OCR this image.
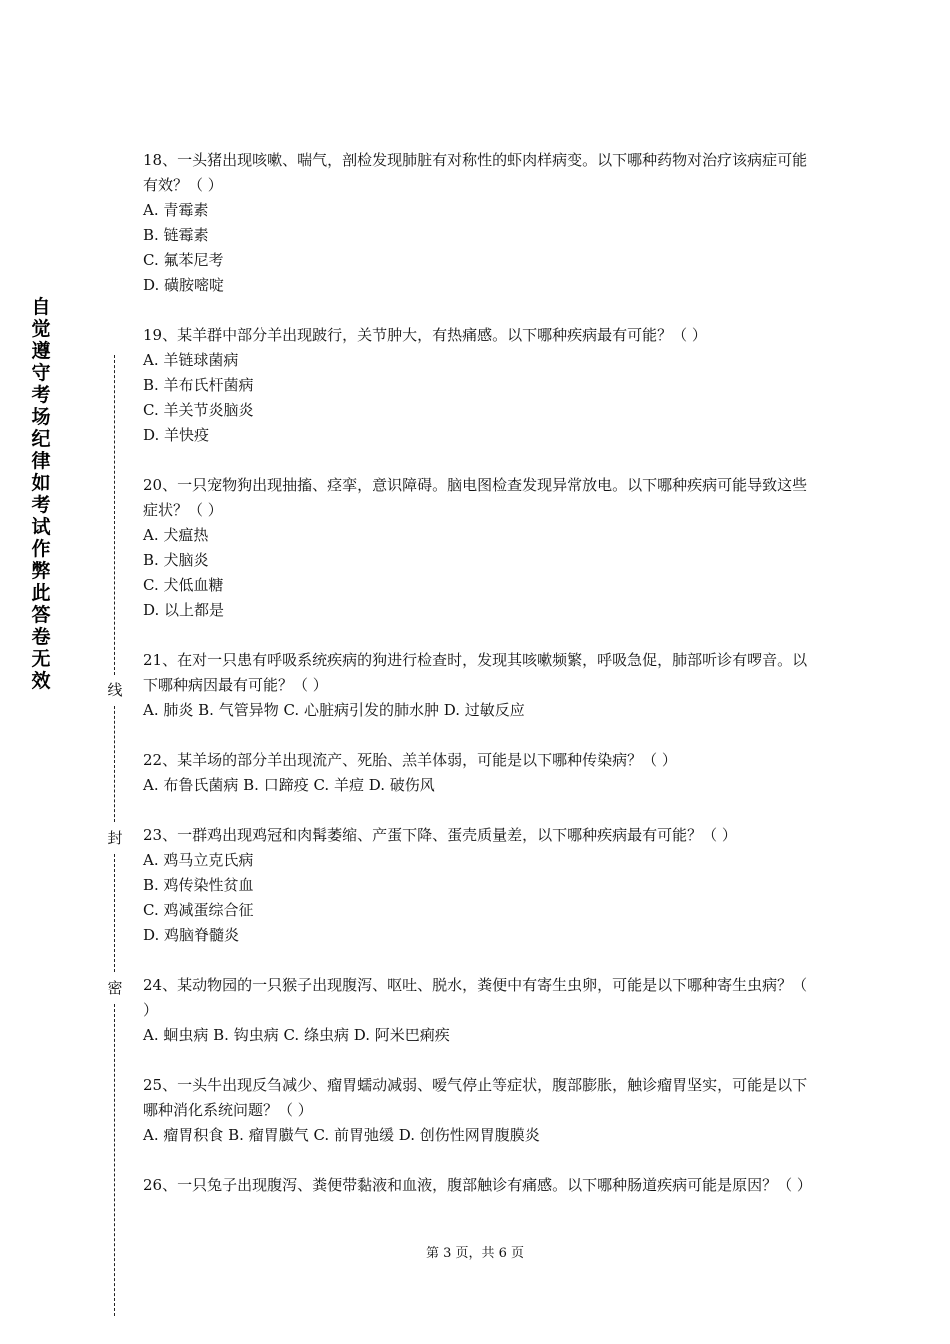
自觉遵守考场纪律如考试作弊此答卷无效	线
封
密

18、一头猪出现咳嗽、喘气，剖检发现肺脏有对称性的虾肉样病变。以下哪种药物对治疗该病症可能有效？（ ）

A. 青霉素

B. 链霉素

C. 氟苯尼考

D. 磺胺嘧啶

19、某羊群中部分羊出现跛行，关节肿大，有热痛感。以下哪种疾病最有可能？（ ）

A. 羊链球菌病

B. 羊布氏杆菌病

C. 羊关节炎脑炎

D. 羊快疫

20、一只宠物狗出现抽搐、痉挛，意识障碍。脑电图检查发现异常放电。以下哪种疾病可能导致这些症状？（ ）

A. 犬瘟热

B. 犬脑炎

C. 犬低血糖

D. 以上都是

21、在对一只患有呼吸系统疾病的狗进行检查时，发现其咳嗽频繁，呼吸急促，肺部听诊有啰音。以下哪种病因最有可能？（ ）

A. 肺炎 B. 气管异物 C. 心脏病引发的肺水肿 D. 过敏反应

22、某羊场的部分羊出现流产、死胎、羔羊体弱，可能是以下哪种传染病？（ ）

A. 布鲁氏菌病 B. 口蹄疫 C. 羊痘 D. 破伤风

23、一群鸡出现鸡冠和肉髯萎缩、产蛋下降、蛋壳质量差，以下哪种疾病最有可能？（ ）

A. 鸡马立克氏病

B. 鸡传染性贫血

C. 鸡减蛋综合征

D. 鸡脑脊髓炎

24、某动物园的一只猴子出现腹泻、呕吐、脱水，粪便中有寄生虫卵，可能是以下哪种寄生虫病？（ ）

A. 蛔虫病 B. 钩虫病 C. 绦虫病 D. 阿米巴痢疾

25、一头牛出现反刍减少、瘤胃蠕动减弱、嗳气停止等症状，腹部膨胀，触诊瘤胃坚实，可能是以下哪种消化系统问题？（ ）

A. 瘤胃积食 B. 瘤胃臌气 C. 前胃弛缓 D. 创伤性网胃腹膜炎

26、一只兔子出现腹泻、粪便带黏液和血液，腹部触诊有痛感。以下哪种肠道疾病可能是原因？（ ）

第 3 页，共 6 页
